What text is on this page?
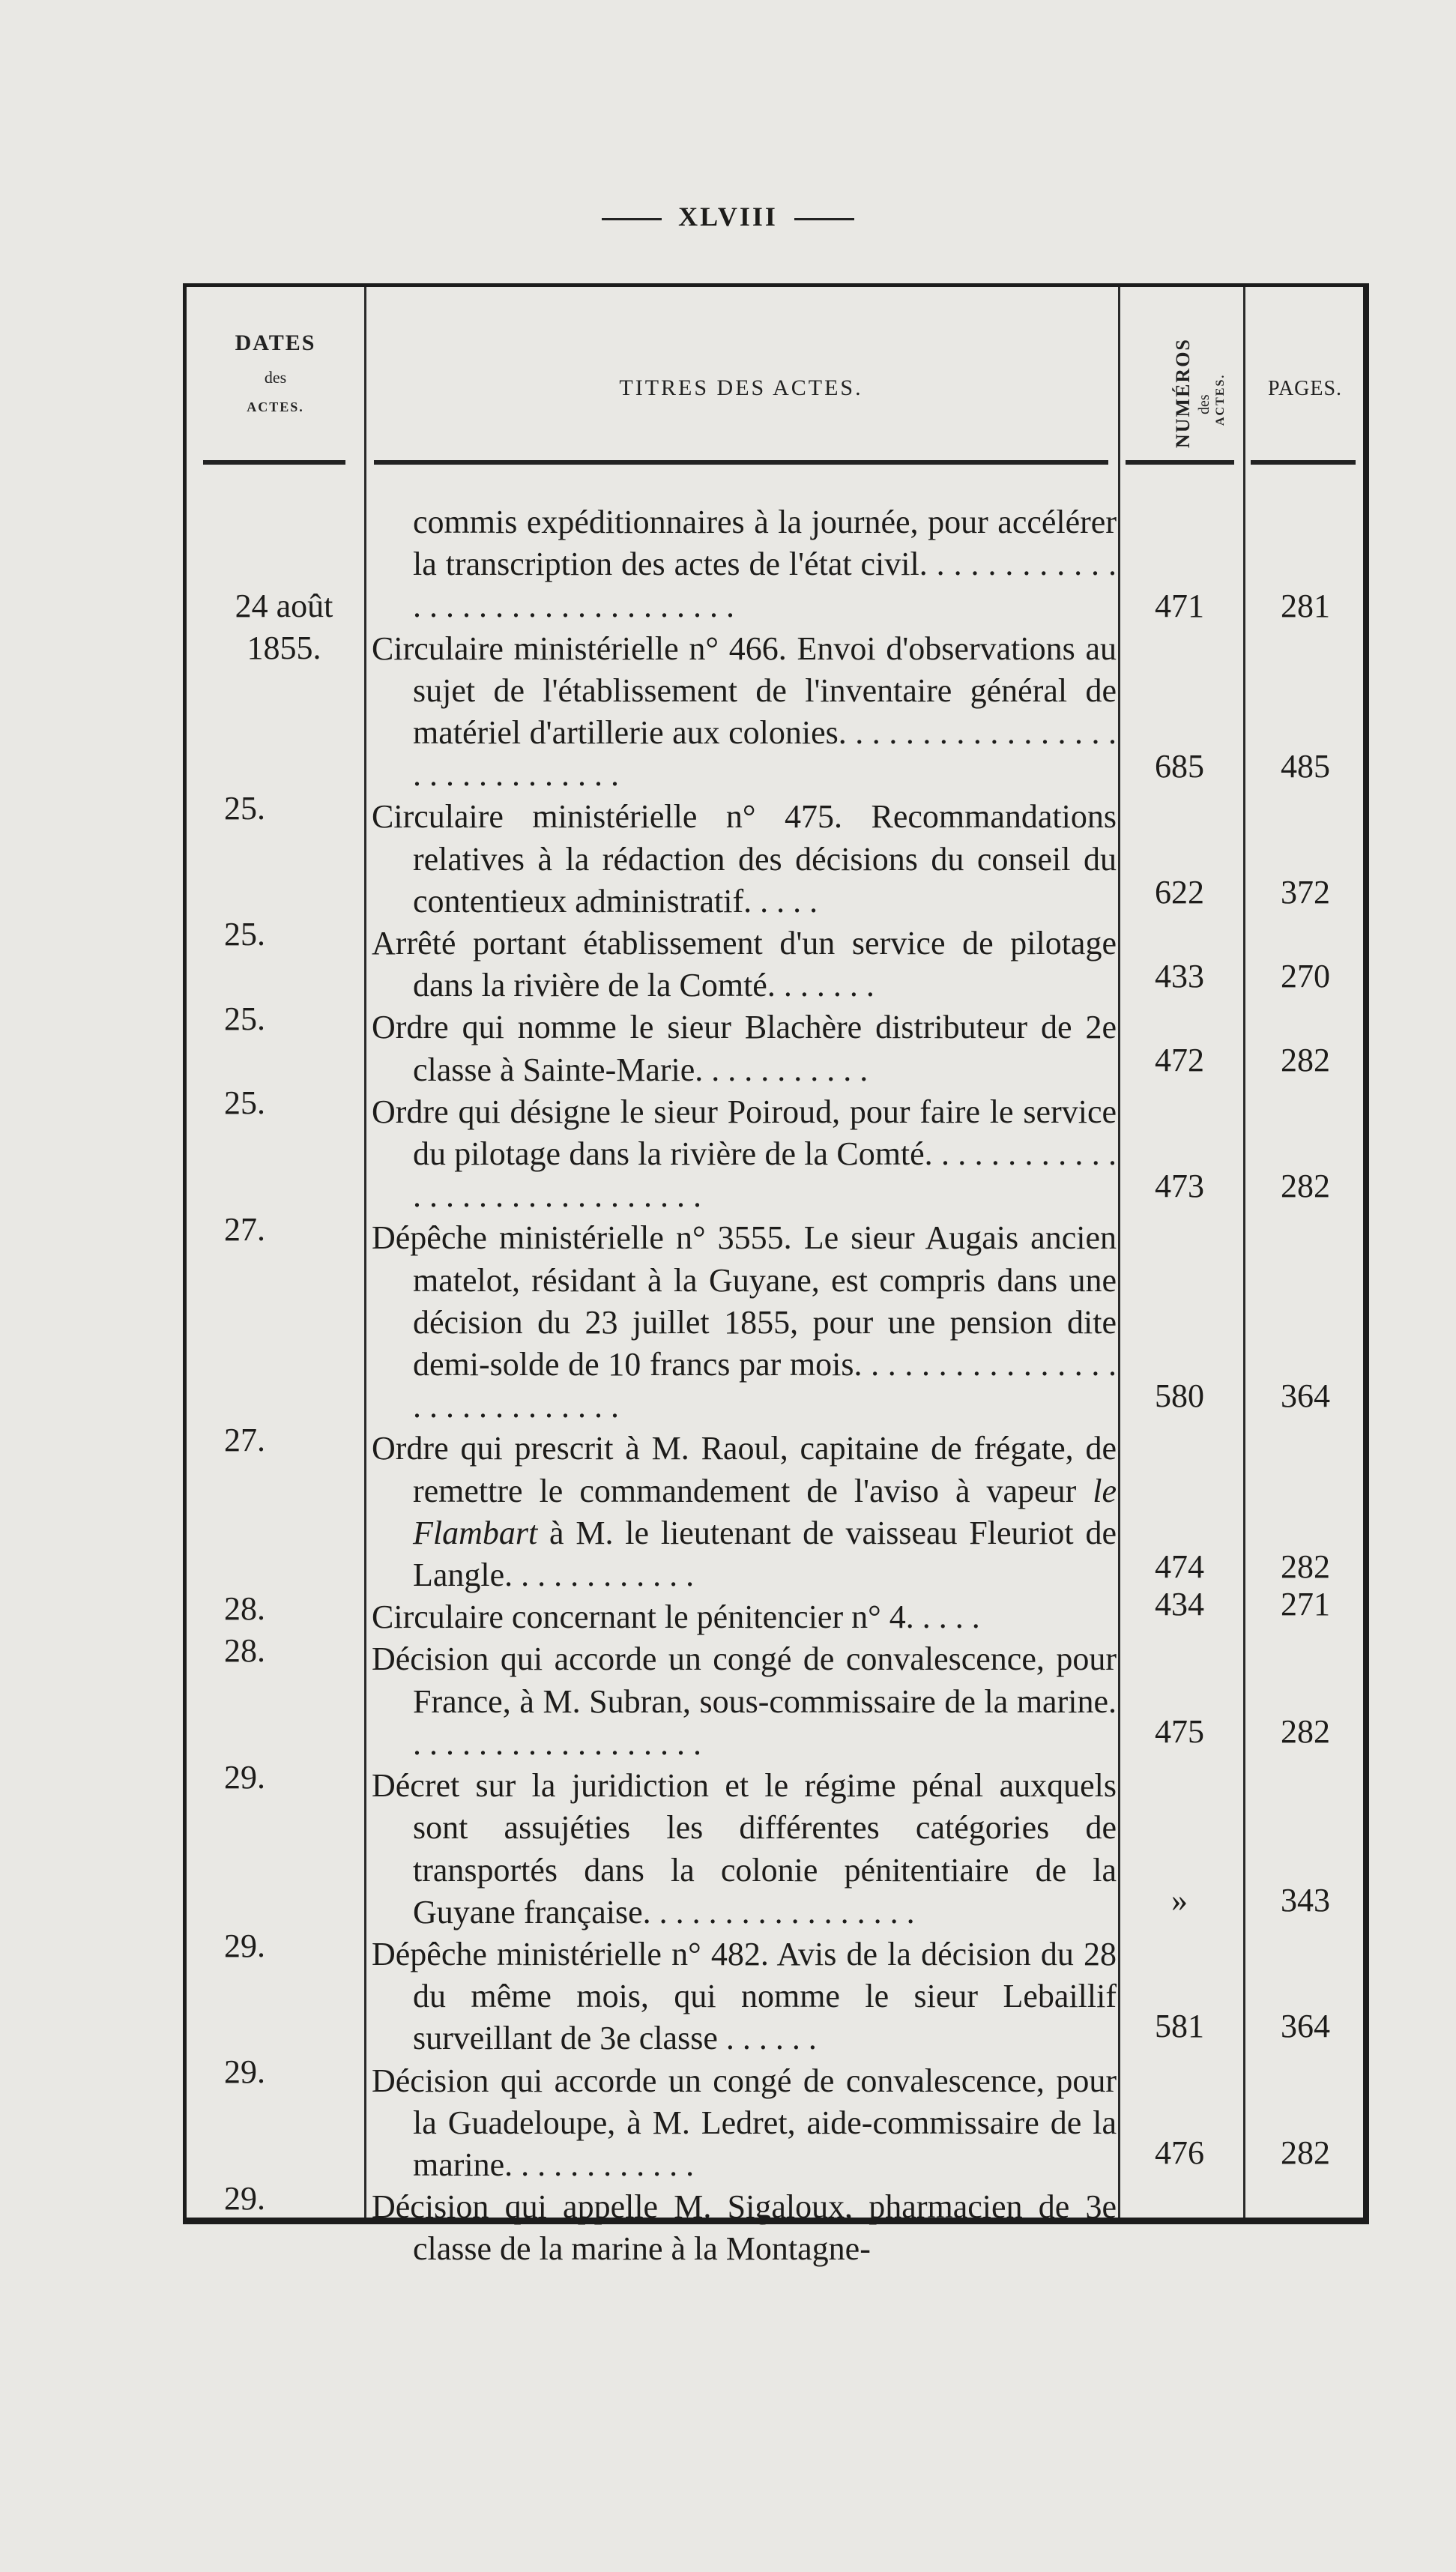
XLVIII
DATES
des
ACTES.
TITRES DES ACTES.	NUMÉROS des ACTES.	PAGES.
commis expéditionnaires à la journée, pour accélérer la transcription des actes de l'état civil. . . . . . . . . . . . . . . . . . . . . . . . . . . . . . . .
Circulaire ministérielle n° 466. Envoi d'observations au sujet de l'établissement de l'inventaire général de matériel d'artillerie aux colonies. . . . . . . . . . . . . . . . . . . . . . . . . . . . . .
Circulaire ministérielle n° 475. Recommandations relatives à la rédaction des décisions du conseil du contentieux administratif. . . . .
Arrêté portant établissement d'un service de pilotage dans la rivière de la Comté. . . . . . .
Ordre qui nomme le sieur Blachère distributeur de 2e classe à Sainte-Marie. . . . . . . . . . .
Ordre qui désigne le sieur Poiroud, pour faire le service du pilotage dans la rivière de la Comté. . . . . . . . . . . . . . . . . . . . . . . . . . . . . .
Dépêche ministérielle n° 3555. Le sieur Augais ancien matelot, résidant à la Guyane, est compris dans une décision du 23 juillet 1855, pour une pension dite demi-solde de 10 francs par mois. . . . . . . . . . . . . . . . . . . . . . . . . . . . .
Ordre qui prescrit à M. Raoul, capitaine de frégate, de remettre le commandement de l'aviso à vapeur le Flambart à M. le lieutenant de vaisseau Fleuriot de Langle. . . . . . . . . . . .
Circulaire concernant le pénitencier n° 4. . . . .
Décision qui accorde un congé de convalescence, pour France, à M. Subran, sous-commissaire de la marine. . . . . . . . . . . . . . . . . . .
Décret sur la juridiction et le régime pénal auxquels sont assujéties les différentes catégories de transportés dans la colonie pénitentiaire de la Guyane française. . . . . . . . . . . . . . . . .
Dépêche ministérielle n° 482. Avis de la décision du 28 du même mois, qui nomme le sieur Lebaillif surveillant de 3e classe . . . . . .
Décision qui accorde un congé de convalescence, pour la Guadeloupe, à M. Ledret, aide-commissaire de la marine. . . . . . . . . . . .
Décision qui appelle M. Sigaloux, pharmacien de 3e classe de la marine à la Montagne-
24 août 1855.
25.
25.
25.
25.
27.
27.
28.
28.
29.
29.
29.
29.
471
685
622
433
472
473
580
474
434
475
»
581
476
281
485
372
270
282
282
364
282
271
282
343
364
282
